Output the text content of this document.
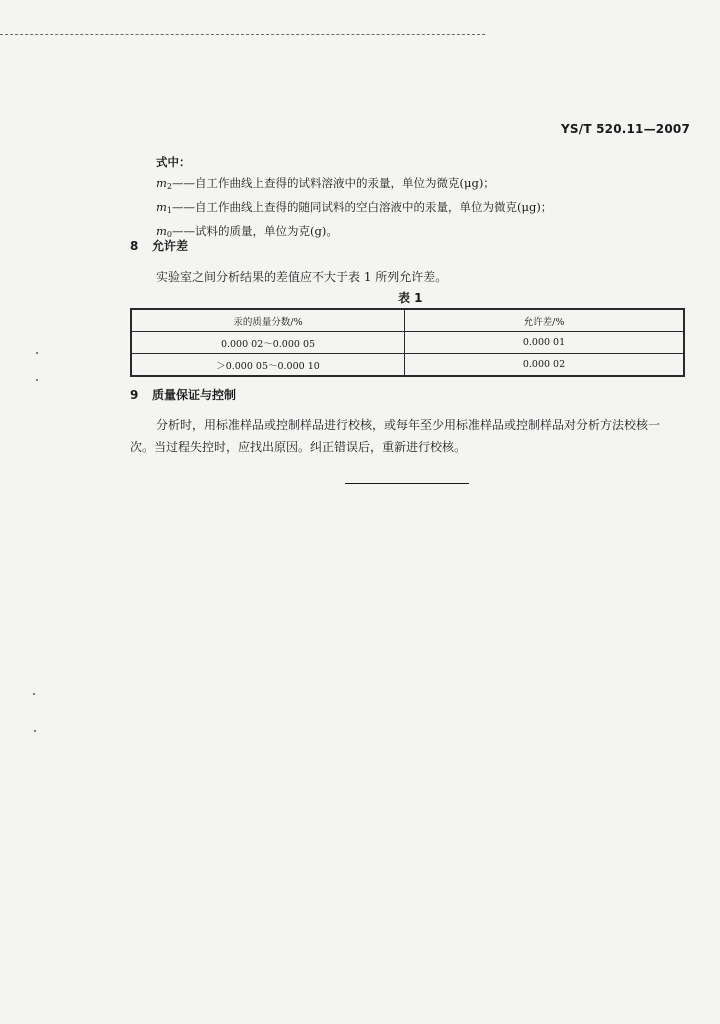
YS/T 520.11—2007
式中：
$m_2——$自工作曲线上查得的试料溶液中的汞量，单位为微克(μg)；
$m_1——$自工作曲线上查得的随同试料的空白溶液中的汞量，单位为微克(μg)；
$m_0——$试料的质量，单位为克(g)。
8 允许差
实验室之间分析结果的差值应不大于表 1 所列允许差。
表 1
汞的质量分数/%	允许差/%
0.000 02～0.000 05	0.000 01
＞0.000 05～0.000 10	0.000 02
9 质量保证与控制
分析时，用标准样品或控制样品进行校核，或每年至少用标准样品或控制样品对分析方法校核一
次。当过程失控时，应找出原因。纠正错误后，重新进行校核。
